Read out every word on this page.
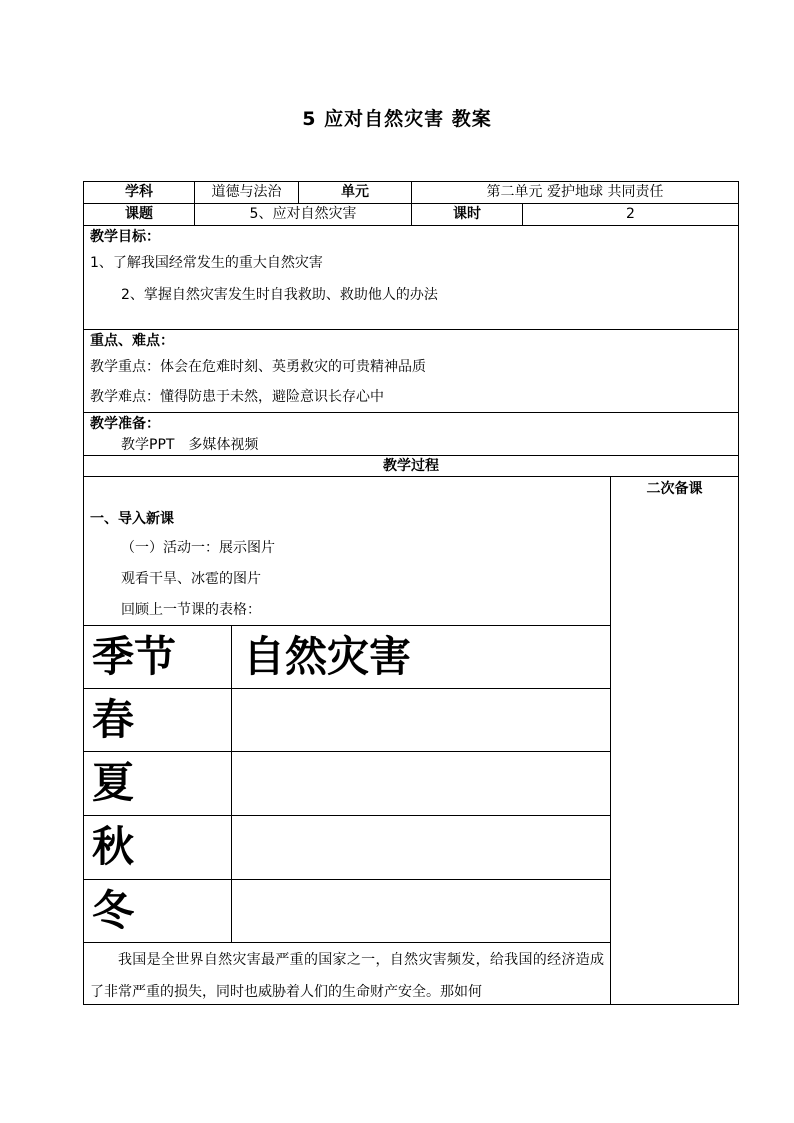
5 应对自然灾害 教案
学科	道德与法治	单元	第二单元 爱护地球 共同责任
课题	5、应对自然灾害	课时	2
教学目标：
1、了解我国经常发生的重大自然灾害
2、掌握自然灾害发生时自我救助、救助他人的办法
重点、难点：
教学重点：体会在危难时刻、英勇救灾的可贵精神品质
教学难点：懂得防患于未然，避险意识长存心中
教学准备：
教学PPT　多媒体视频
教学过程
二次备课
一、导入新课
（一）活动一：展示图片
观看干旱、冰雹的图片
回顾上一节课的表格：
季节 自然灾害
春
夏
秋
冬
我国是全世界自然灾害最严重的国家之一，自然灾害频发，给我国的经济造成了非常严重的损失，同时也威胁着人们的生命财产安全。那如何
